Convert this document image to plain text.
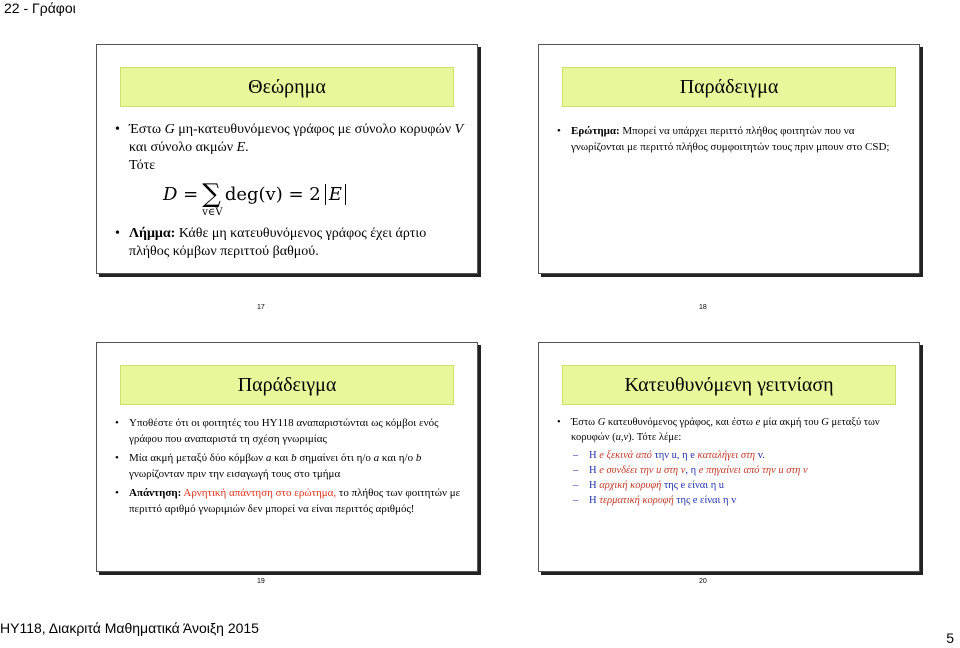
22 - Γράφοι
Θεώρημα
• Έστω G μη-κατευθυνόμενος γράφος με σύνολο κορυφών V και σύνολο ακμών E.
Τότε
D
= ∑
v∈V
deg(v)
= 2 E
• Λήμμα: Κάθε μη κατευθυνόμενος γράφος έχει άρτιο πλήθος κόμβων περιττού βαθμού.
17
Παράδειγμα
• Ερώτημα: Μπορεί να υπάρχει περιττό πλήθος φοιτητών που να γνωρίζονται με περιττό πλήθος συμφοιτητών τους πριν μπουν στο CSD;
18
Παράδειγμα
• Υποθέστε ότι οι φοιτητές του ΗΥ118 αναπαριστώνται ως κόμβοι ενός γράφου που αναπαριστά τη σχέση γνωριμίας
• Μία ακμή μεταξύ δύο κόμβων a και b σημαίνει ότι η/ο a και η/ο b γνωρίζονταν πριν την εισαγωγή τους στο τμήμα
• Απάντηση: Αρνητική απάντηση στο ερώτημα, το πλήθος των φοιτητών με περιττό αριθμό γνωριμιών δεν μπορεί να είναι περιττός αριθμός!
19
Κατευθυνόμενη γειτνίαση
• Έστω G κατευθυνόμενος γράφος, και έστω e μία ακμή του G μεταξύ των κορυφών (u,v). Τότε λέμε:
– Η e ξεκινά από την u, η e καταλήγει στη v.
– Η e συνδέει την u στη v, η e πηγαίνει από την u στη v
– Η αρχική κορυφή της e είναι η u
– Η τερματική κορυφή της e είναι η v
20
ΗΥ118, Διακριτά Μαθηματικά Άνοιξη 2015
5
